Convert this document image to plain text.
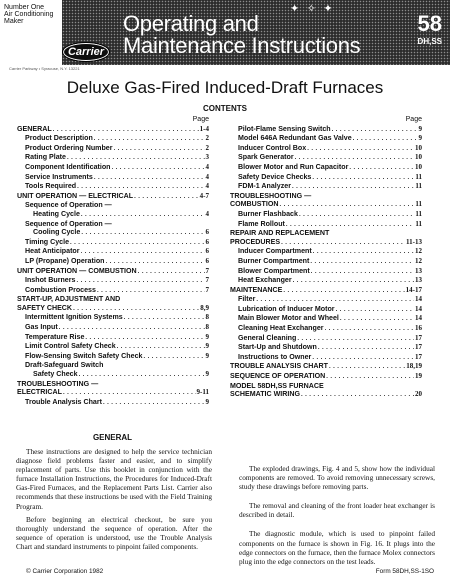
Number One
Air Conditioning
Maker
✦ ✧ ✦
Operating and
Maintenance Instructions
58
DH,SS
Carrier
Carrier Parkway • Syracuse, N.Y. 13221
Deluxe Gas-Fired Induced-Draft Furnaces
CONTENTS
Page
GENERAL . . .	1-4
Product Description . . .	2
Product Ordering Number . . .	2
Rating Plate . . .	3
Component Identification . . .	4
Service Instruments . . .	4
Tools Required . . .	4
UNIT OPERATION — ELECTRICAL . . .	4-7
Sequence of Operation —
Heating Cycle . . .	4
Sequence of Operation —
Cooling Cycle . . .	6
Timing Cycle . . .	6
Heat Anticipator . . .	6
LP (Propane) Operation . . .	6
UNIT OPERATION — COMBUSTION . . .	7
Inshot Burners . . .	7
Combustion Process . . .	7
START-UP, ADJUSTMENT AND
SAFETY CHECK . . .	8,9
Intermittent Ignition Systems . . .	8
Gas Input . . .	8
Temperature Rise . . .	9
Limit Control Safety Check . . .	9
Flow-Sensing Switch Safety Check . . .	9
Draft-Safeguard Switch
Safety Check . . .	9
TROUBLESHOOTING —
ELECTRICAL . . .	9-11
Trouble Analysis Chart . . .	9
Page
Pilot-Flame Sensing Switch . . .	9
Model 646A Redundant Gas Valve . . .	9
Inducer Control Box . . .	10
Spark Generator . . .	10
Blower Motor and Run Capacitor . . .	10
Safety Device Checks . . .	11
FDM-1 Analyzer . . .	11
TROUBLESHOOTING —
COMBUSTION . . .	11
Burner Flashback . . .	11
Flame Rollout . . .	11
REPAIR AND REPLACEMENT
PROCEDURES . . .	11-13
Inducer Compartment . . .	12
Burner Compartment . . .	12
Blower Compartment . . .	13
Heat Exchanger . . .	13
MAINTENANCE . . .	14-17
Filter . . .	14
Lubrication of Inducer Motor . . .	14
Main Blower Motor and Wheel . . .	14
Cleaning Heat Exchanger . . .	16
General Cleaning . . .	17
Start-Up and Shutdown . . .	17
Instructions to Owner . . .	17
TROUBLE ANALYSIS CHART . . .	18,19
SEQUENCE OF OPERATION . . .	19
MODEL 58DH,SS FURNACE
SCHEMATIC WIRING . . .	20
GENERAL

These instructions are designed to help the service technician diagnose field problems faster and easier, and to simplify replacement of parts. Use this booklet in conjunction with the furnace Installation Instructions, the Procedures for Induced-Draft Gas-Fired Furnaces, and the Replacement Parts List. Carrier also recommends that these instructions be used with the Field Training Program.

Before beginning an electrical checkout, be sure you thoroughly understand the sequence of operation. After the sequence of operation is understood, use the Trouble Analysis Chart and standard instruments to pinpoint failed components.

The exploded drawings, Fig. 4 and 5, show how the individual components are removed. To avoid removing unnecessary screws, study these drawings before removing parts.

The removal and cleaning of the front loader heat exchanger is described in detail.

The diagnostic module, which is used to pinpoint failed components on the furnace is shown in Fig. 16. It plugs into the edge connectors on the furnace, then the furnace Molex connectors plug into the edge connectors on the test leads.

© Carrier Corporation 1982	Form 58DH,SS-1SO
